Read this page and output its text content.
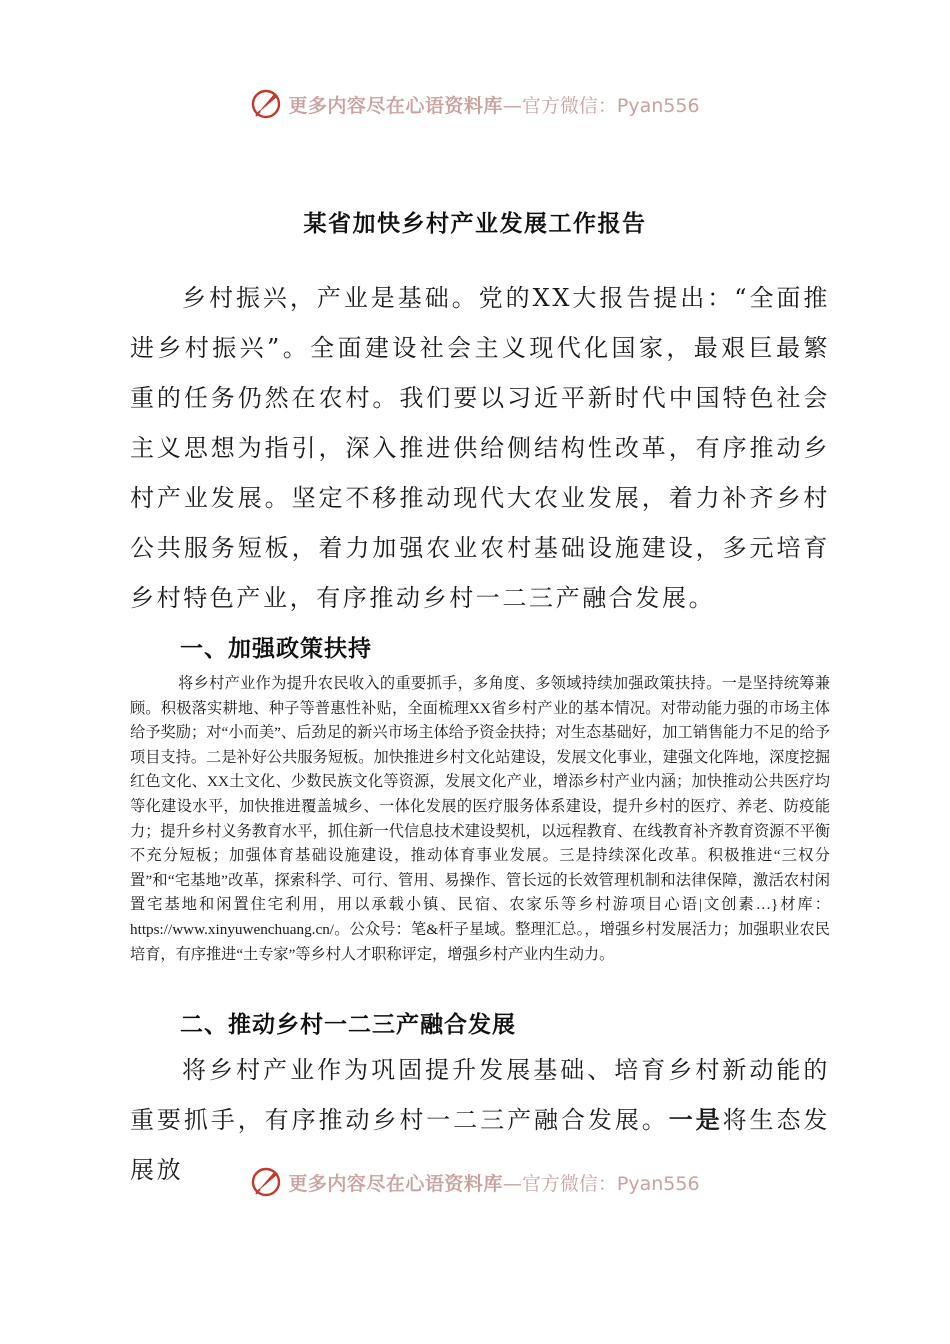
更多内容尽在心语资料库 —官方微信：Pyan556
某省加快乡村产业发展工作报告

乡村振兴，产业是基础。党的XX大报告提出：“全面推进乡村振兴”。全面建设社会主义现代化国家，最艰巨最繁重的任务仍然在农村。我们要以习近平新时代中国特色社会主义思想为指引，深入推进供给侧结构性改革，有序推动乡村产业发展。坚定不移推动现代大农业发展，着力补齐乡村公共服务短板，着力加强农业农村基础设施建设，多元培育乡村特色产业，有序推动乡村一二三产融合发展。

一、加强政策扶持

将乡村产业作为提升农民收入的重要抓手，多角度、多领域持续加强政策扶持。一是坚持统筹兼顾。积极落实耕地、种子等普惠性补贴，全面梳理XX省乡村产业的基本情况。对带动能力强的市场主体给予奖励；对“小而美”、后劲足的新兴市场主体给予资金扶持；对生态基础好，加工销售能力不足的给予项目支持。二是补好公共服务短板。加快推进乡村文化站建设，发展文化事业，建强文化阵地，深度挖掘红色文化、XX土文化、少数民族文化等资源，发展文化产业，增添乡村产业内涵；加快推动公共医疗均等化建设水平，加快推进覆盖城乡、一体化发展的医疗服务体系建设，提升乡村的医疗、养老、防疫能力；提升乡村义务教育水平，抓住新一代信息技术建设契机，以远程教育、在线教育补齐教育资源不平衡不充分短板；加强体育基础设施建设，推动体育事业发展。三是持续深化改革。积极推进“三权分置”和“宅基地”改革，探索科学、可行、管用、易操作、管长远的长效管理机制和法律保障，激活农村闲置宅基地和闲置住宅利用，用以承载小镇、民宿、农家乐等乡村游项目心语|文创素…}材库：https://www.xinyuwenchuang.cn/。公众号：笔&杆子星域。整理汇总。，增强乡村发展活力；加强职业农民培育，有序推进“土专家”等乡村人才职称评定，增强乡村产业内生动力。

二、推动乡村一二三产融合发展

将乡村产业作为巩固提升发展基础、培育乡村新动能的重要抓手，有序推动乡村一二三产融合发展。一是将生态发展放	更多内容尽在心语资料库 —官方微信：Pyan556
